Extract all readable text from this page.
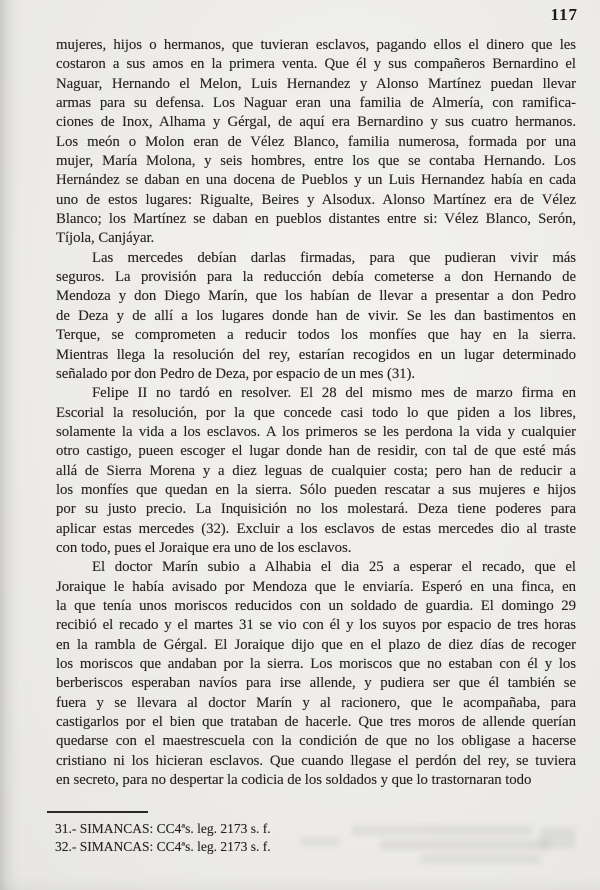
117
mujeres, hijos o hermanos, que tuvieran esclavos, pagando ellos el dinero que les
costaron a sus amos en la primera venta. Que él y sus compañeros Bernardino el
Naguar, Hernando el Melon, Luis Hernandez y Alonso Martínez puedan llevar
armas para su defensa. Los Naguar eran una familia de Almería, con ramifica-
ciones de Inox, Alhama y Gérgal, de aquí era Bernardino y sus cuatro hermanos.
Los meón o Molon eran de Vélez Blanco, familia numerosa, formada por una
mujer, María Molona, y seis hombres, entre los que se contaba Hernando. Los
Hernández se daban en una docena de Pueblos y un Luis Hernandez había en cada
uno de estos lugares: Rigualte, Beires y Alsodux. Alonso Martínez era de Vélez
Blanco; los Martínez se daban en pueblos distantes entre si: Vélez Blanco, Serón,
Tíjola, Canjáyar.
Las mercedes debían darlas firmadas, para que pudieran vivir más
seguros. La provisión para la reducción debía cometerse a don Hernando de
Mendoza y don Diego Marín, que los habían de llevar a presentar a don Pedro
de Deza y de allí a los lugares donde han de vivir. Se les dan bastimentos en
Terque, se comprometen a reducir todos los monfíes que hay en la sierra.
Mientras llega la resolución del rey, estarían recogidos en un lugar determinado
señalado por don Pedro de Deza, por espacio de un mes (31).
Felipe II no tardó en resolver. El 28 del mismo mes de marzo firma en
Escorial la resolución, por la que concede casi todo lo que piden a los libres,
solamente la vida a los esclavos. A los primeros se les perdona la vida y cualquier
otro castigo, pueen escoger el lugar donde han de residir, con tal de que esté más
allá de Sierra Morena y a diez leguas de cualquier costa; pero han de reducir a
los monfíes que quedan en la sierra. Sólo pueden rescatar a sus mujeres e hijos
por su justo precio. La Inquisición no los molestará. Deza tiene poderes para
aplicar estas mercedes (32). Excluir a los esclavos de estas mercedes dio al traste
con todo, pues el Joraique era uno de los esclavos.
El doctor Marín subio a Alhabia el dia 25 a esperar el recado, que el
Joraique le había avisado por Mendoza que le enviaría. Esperó en una finca, en
la que tenía unos moriscos reducidos con un soldado de guardia. El domingo 29
recibió el recado y el martes 31 se vio con él y los suyos por espacio de tres horas
en la rambla de Gérgal. El Joraique dijo que en el plazo de diez días de recoger
los moriscos que andaban por la sierra. Los moriscos que no estaban con él y los
berberiscos esperaban navíos para irse allende, y pudiera ser que él también se
fuera y se llevara al doctor Marín y al racionero, que le acompañaba, para
castigarlos por el bien que trataban de hacerle. Que tres moros de allende querían
quedarse con el maestrescuela con la condición de que no los obligase a hacerse
cristiano ni los hicieran esclavos. Que cuando llegase el perdón del rey, se tuviera
en secreto, para no despertar la codicia de los soldados y que lo trastornaran todo
31.- SIMANCAS: CC4ªs. leg. 2173 s. f.
32.- SIMANCAS: CC4ªs. leg. 2173 s. f.
